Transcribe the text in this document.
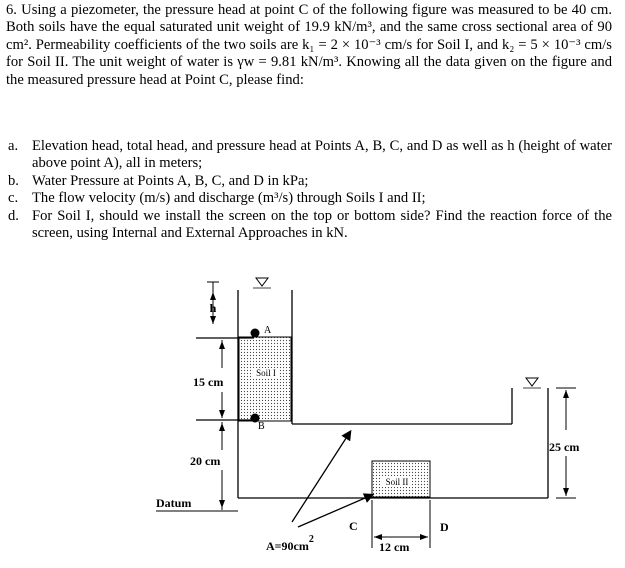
6. Using a piezometer, the pressure head at point C of the following figure was measured to be 40 cm. Both soils have the equal saturated unit weight of 19.9 kN/m³, and the same cross sectional area of 90 cm². Permeability coefficients of the two soils are k₁ = 2 × 10⁻³ cm/s for Soil I, and k₂ = 5 × 10⁻³ cm/s for Soil II. The unit weight of water is γw = 9.81 kN/m³. Knowing all the data given on the figure and the measured pressure head at Point C, please find:

a. Elevation head, total head, and pressure head at Points A, B, C, and D as well as h (height of water above point A), all in meters;
b. Water Pressure at Points A, B, C, and D in kPa;
c. The flow velocity (m/s) and discharge (m³/s) through Soils I and II;
d. For Soil I, should we install the screen on the top or bottom side? Find the reaction force of the screen, using Internal and External Approaches in kN.
Soil I
Soil II
A
B
h
15 cm
20 cm
Datum
25 cm
12 cm
C	D
$A=90cm^2$
